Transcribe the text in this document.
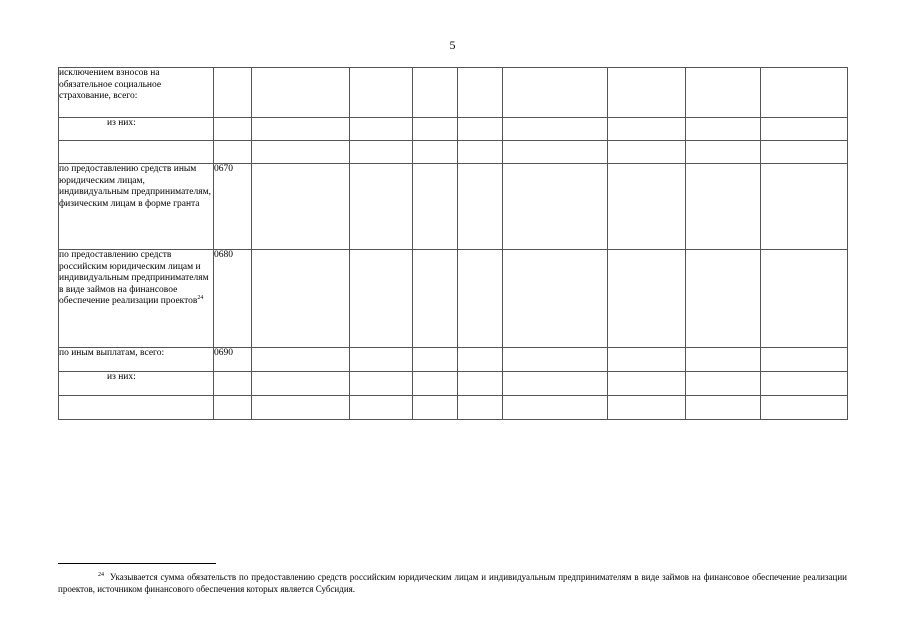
5
исключением взносов на обязательное социальное страхование, всего:									
из них:									

по предоставлению средств иным юридическим лицам, индивидуальным предпринимателям, физическим лицам в форме гранта	0670								
по предоставлению средств российским юридическим лицам и индивидуальным предпринимателям в виде займов на финансовое обеспечение реализации проектов$^{24}$	0680								
по иным выплатам, всего:	0690								
из них:									

$^{24}$ Указывается сумма обязательств по предоставлению средств российским юридическим лицам и индивидуальным предпринимателям в виде займов на финансовое обеспечение реализации проектов, источником финансового обеспечения которых является Субсидия.
